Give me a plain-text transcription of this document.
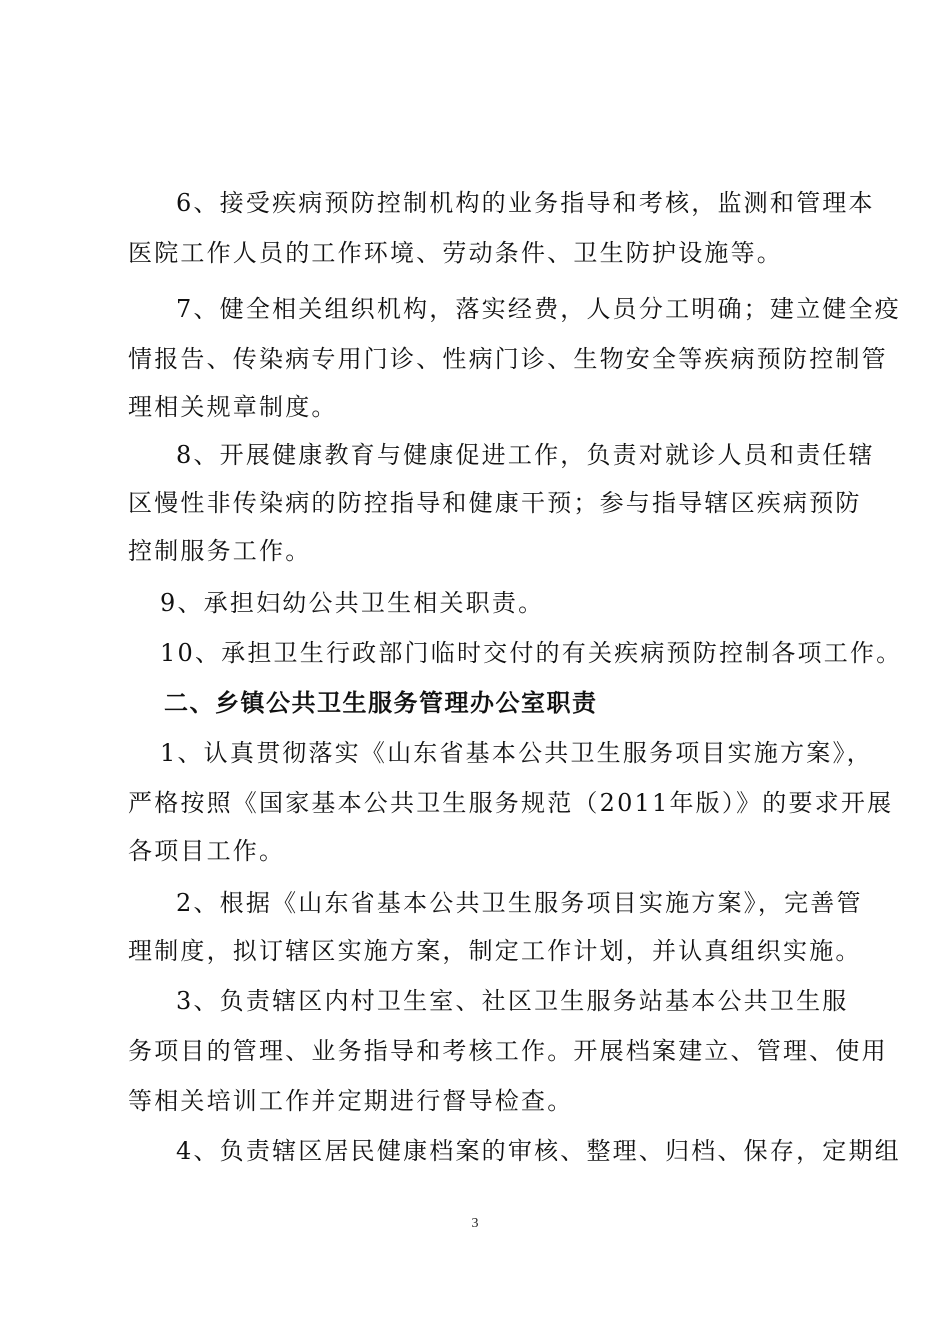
6、接受疾病预防控制机构的业务指导和考核，监测和管理本
医院工作人员的工作环境、劳动条件、卫生防护设施等。
7、健全相关组织机构，落实经费，人员分工明确；建立健全疫
情报告、传染病专用门诊、性病门诊、生物安全等疾病预防控制管
理相关规章制度。
8、开展健康教育与健康促进工作，负责对就诊人员和责任辖
区慢性非传染病的防控指导和健康干预；参与指导辖区疾病预防
控制服务工作。
9、承担妇幼公共卫生相关职责。
10、承担卫生行政部门临时交付的有关疾病预防控制各项工作。
二、乡镇公共卫生服务管理办公室职责
1、认真贯彻落实《山东省基本公共卫生服务项目实施方案》，
严格按照《国家基本公共卫生服务规范（2011年版）》的要求开展
各项目工作。
2、根据《山东省基本公共卫生服务项目实施方案》，完善管
理制度，拟订辖区实施方案，制定工作计划，并认真组织实施。
3、负责辖区内村卫生室、社区卫生服务站基本公共卫生服
务项目的管理、业务指导和考核工作。开展档案建立、管理、使用
等相关培训工作并定期进行督导检查。
4、负责辖区居民健康档案的审核、整理、归档、保存，定期组
3
